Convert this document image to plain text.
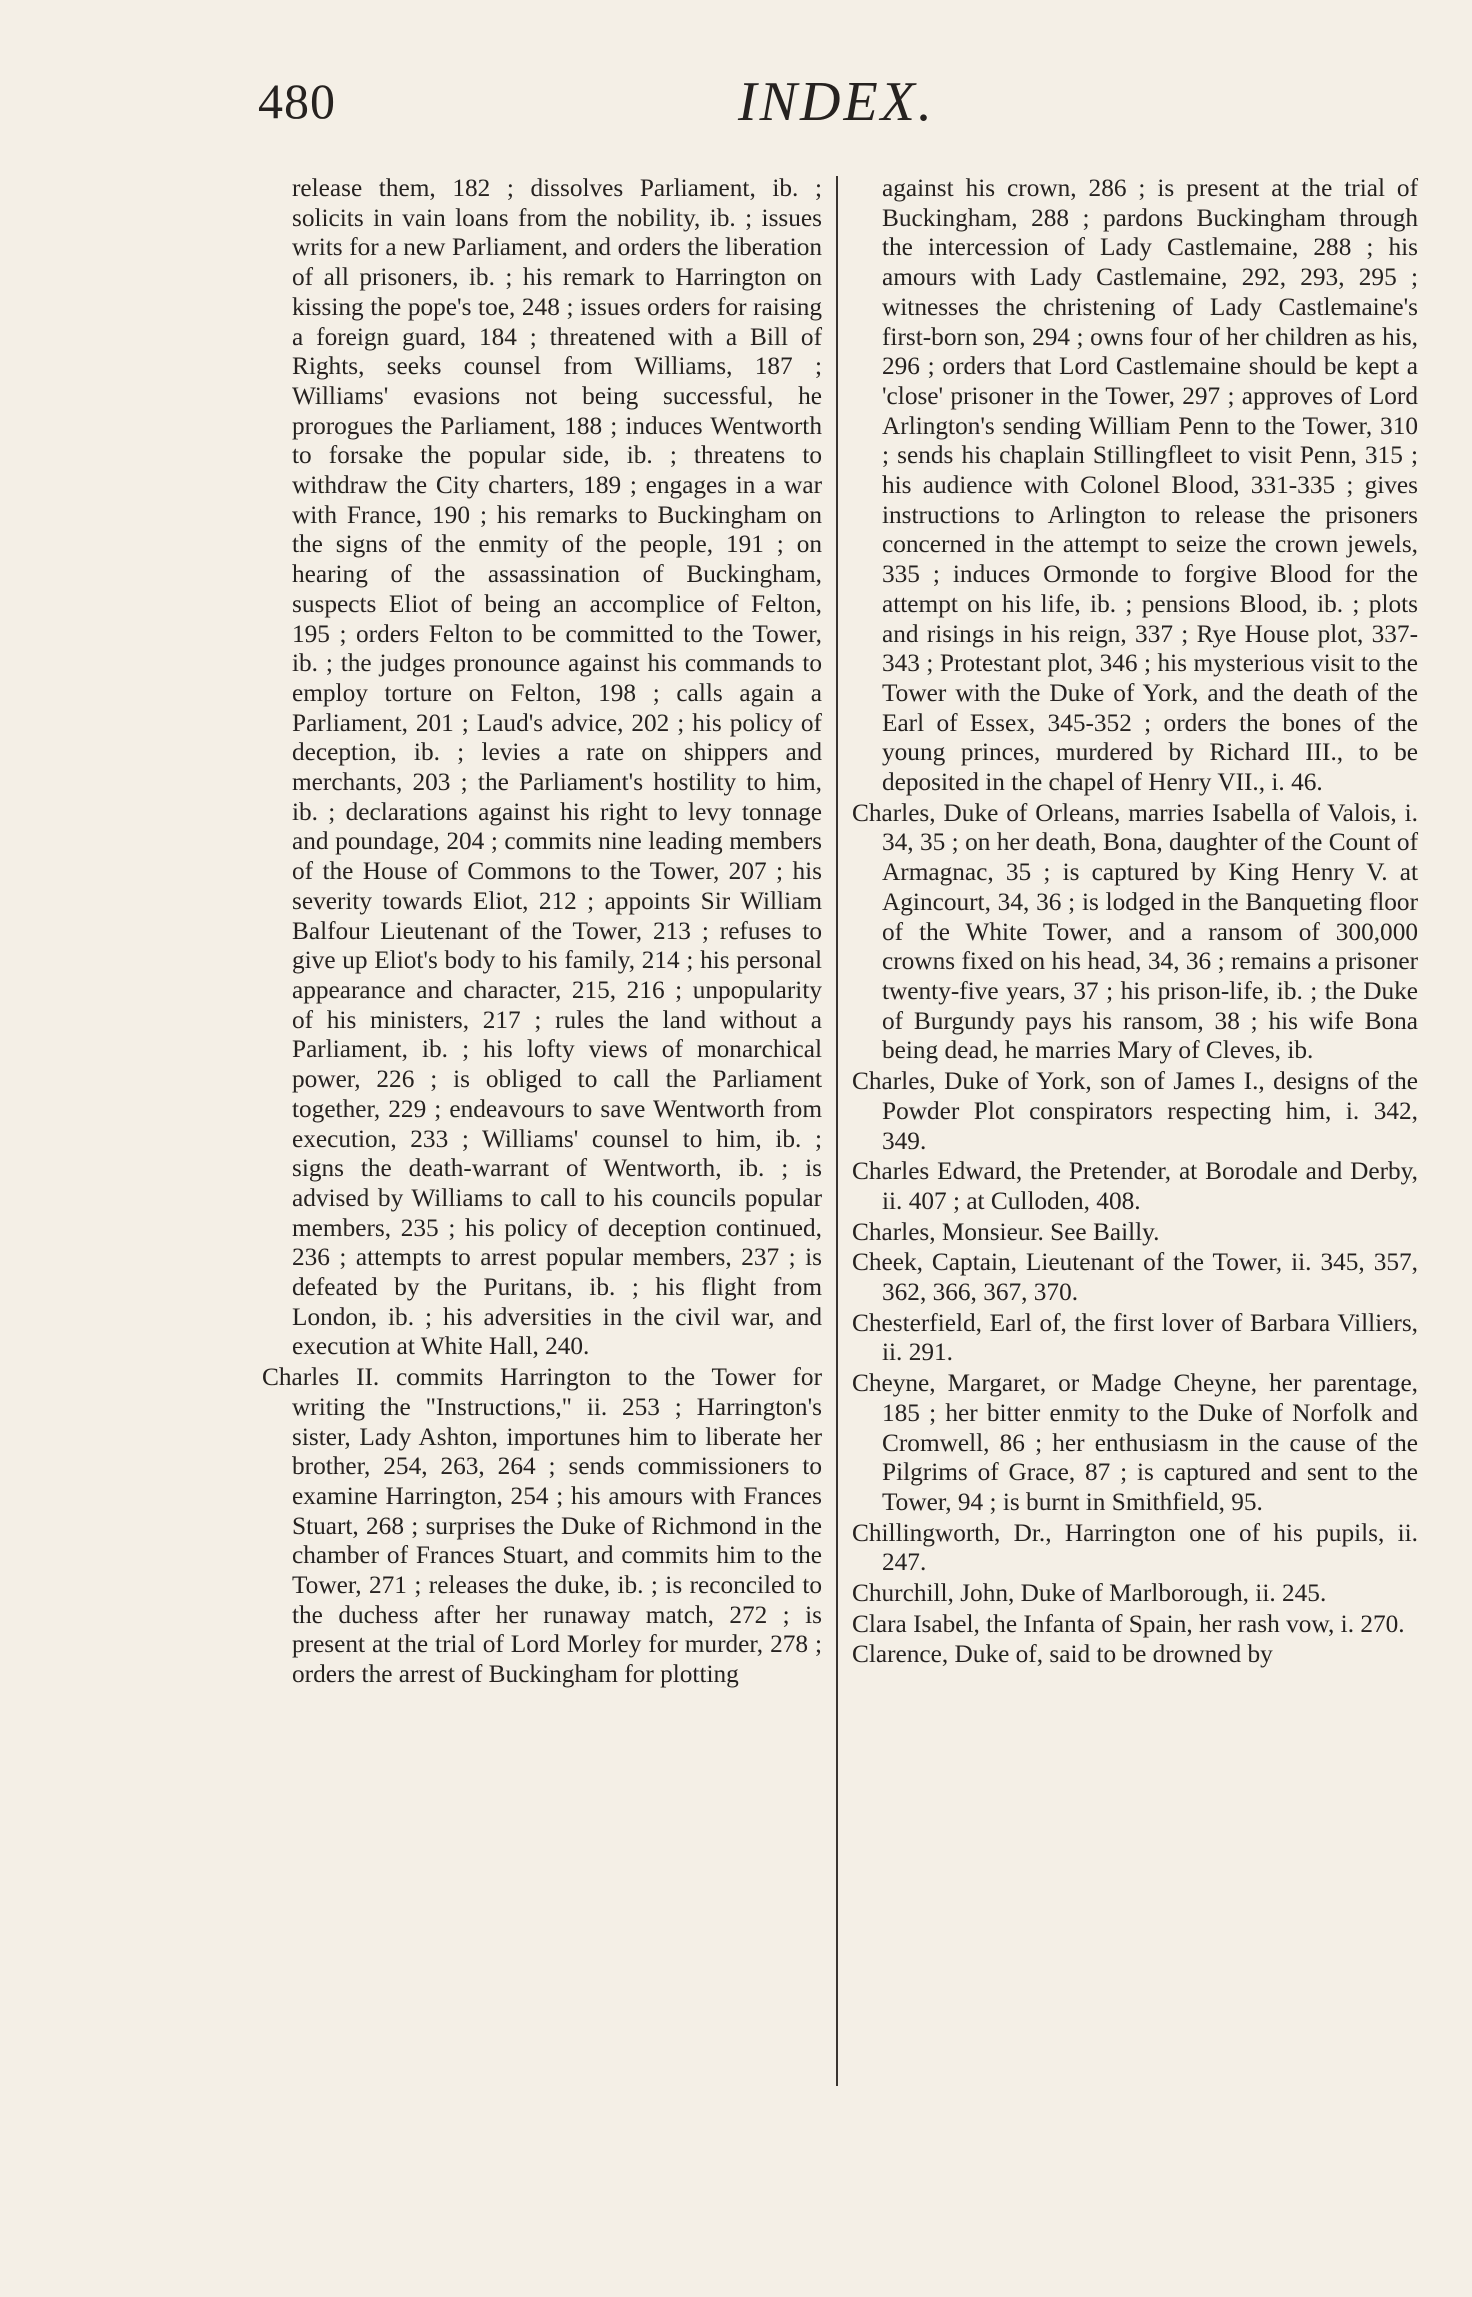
480	INDEX.

release them, 182 ; dissolves Parliament, ib. ; solicits in vain loans from the nobility, ib. ; issues writs for a new Parliament, and orders the liberation of all prisoners, ib. ; his remark to Harrington on kissing the pope's toe, 248 ; issues orders for raising a foreign guard, 184 ; threatened with a Bill of Rights, seeks counsel from Williams, 187 ; Williams' evasions not being successful, he prorogues the Parliament, 188 ; induces Wentworth to forsake the popular side, ib. ; threatens to withdraw the City charters, 189 ; engages in a war with France, 190 ; his remarks to Buckingham on the signs of the enmity of the people, 191 ; on hearing of the assassination of Buckingham, suspects Eliot of being an accomplice of Felton, 195 ; orders Felton to be committed to the Tower, ib. ; the judges pronounce against his commands to employ torture on Felton, 198 ; calls again a Parliament, 201 ; Laud's advice, 202 ; his policy of deception, ib. ; levies a rate on shippers and merchants, 203 ; the Parliament's hostility to him, ib. ; declarations against his right to levy tonnage and poundage, 204 ; commits nine leading members of the House of Commons to the Tower, 207 ; his severity towards Eliot, 212 ; appoints Sir William Balfour Lieutenant of the Tower, 213 ; refuses to give up Eliot's body to his family, 214 ; his personal appearance and character, 215, 216 ; unpopularity of his ministers, 217 ; rules the land without a Parliament, ib. ; his lofty views of monarchical power, 226 ; is obliged to call the Parliament together, 229 ; endeavours to save Wentworth from execution, 233 ; Williams' counsel to him, ib. ; signs the death-warrant of Wentworth, ib. ; is advised by Williams to call to his councils popular members, 235 ; his policy of deception continued, 236 ; attempts to arrest popular members, 237 ; is defeated by the Puritans, ib. ; his flight from London, ib. ; his adversities in the civil war, and execution at White Hall, 240.

Charles II. commits Harrington to the Tower for writing the "Instructions," ii. 253 ; Harrington's sister, Lady Ashton, importunes him to liberate her brother, 254, 263, 264 ; sends commissioners to examine Harrington, 254 ; his amours with Frances Stuart, 268 ; surprises the Duke of Richmond in the chamber of Frances Stuart, and commits him to the Tower, 271 ; releases the duke, ib. ; is reconciled to the duchess after her runaway match, 272 ; is present at the trial of Lord Morley for murder, 278 ; orders the arrest of Buckingham for plotting

against his crown, 286 ; is present at the trial of Buckingham, 288 ; pardons Buckingham through the intercession of Lady Castlemaine, 288 ; his amours with Lady Castlemaine, 292, 293, 295 ; witnesses the christening of Lady Castlemaine's first-born son, 294 ; owns four of her children as his, 296 ; orders that Lord Castlemaine should be kept a 'close' prisoner in the Tower, 297 ; approves of Lord Arlington's sending William Penn to the Tower, 310 ; sends his chaplain Stillingfleet to visit Penn, 315 ; his audience with Colonel Blood, 331-335 ; gives instructions to Arlington to release the prisoners concerned in the attempt to seize the crown jewels, 335 ; induces Ormonde to forgive Blood for the attempt on his life, ib. ; pensions Blood, ib. ; plots and risings in his reign, 337 ; Rye House plot, 337-343 ; Protestant plot, 346 ; his mysterious visit to the Tower with the Duke of York, and the death of the Earl of Essex, 345-352 ; orders the bones of the young princes, murdered by Richard III., to be deposited in the chapel of Henry VII., i. 46.

Charles, Duke of Orleans, marries Isabella of Valois, i. 34, 35 ; on her death, Bona, daughter of the Count of Armagnac, 35 ; is captured by King Henry V. at Agincourt, 34, 36 ; is lodged in the Banqueting floor of the White Tower, and a ransom of 300,000 crowns fixed on his head, 34, 36 ; remains a prisoner twenty-five years, 37 ; his prison-life, ib. ; the Duke of Burgundy pays his ransom, 38 ; his wife Bona being dead, he marries Mary of Cleves, ib.

Charles, Duke of York, son of James I., designs of the Powder Plot conspirators respecting him, i. 342, 349.

Charles Edward, the Pretender, at Borodale and Derby, ii. 407 ; at Culloden, 408.

Charles, Monsieur. See Bailly.

Cheek, Captain, Lieutenant of the Tower, ii. 345, 357, 362, 366, 367, 370.

Chesterfield, Earl of, the first lover of Barbara Villiers, ii. 291.

Cheyne, Margaret, or Madge Cheyne, her parentage, 185 ; her bitter enmity to the Duke of Norfolk and Cromwell, 86 ; her enthusiasm in the cause of the Pilgrims of Grace, 87 ; is captured and sent to the Tower, 94 ; is burnt in Smithfield, 95.

Chillingworth, Dr., Harrington one of his pupils, ii. 247.

Churchill, John, Duke of Marlborough, ii. 245.

Clara Isabel, the Infanta of Spain, her rash vow, i. 270.

Clarence, Duke of, said to be drowned by
